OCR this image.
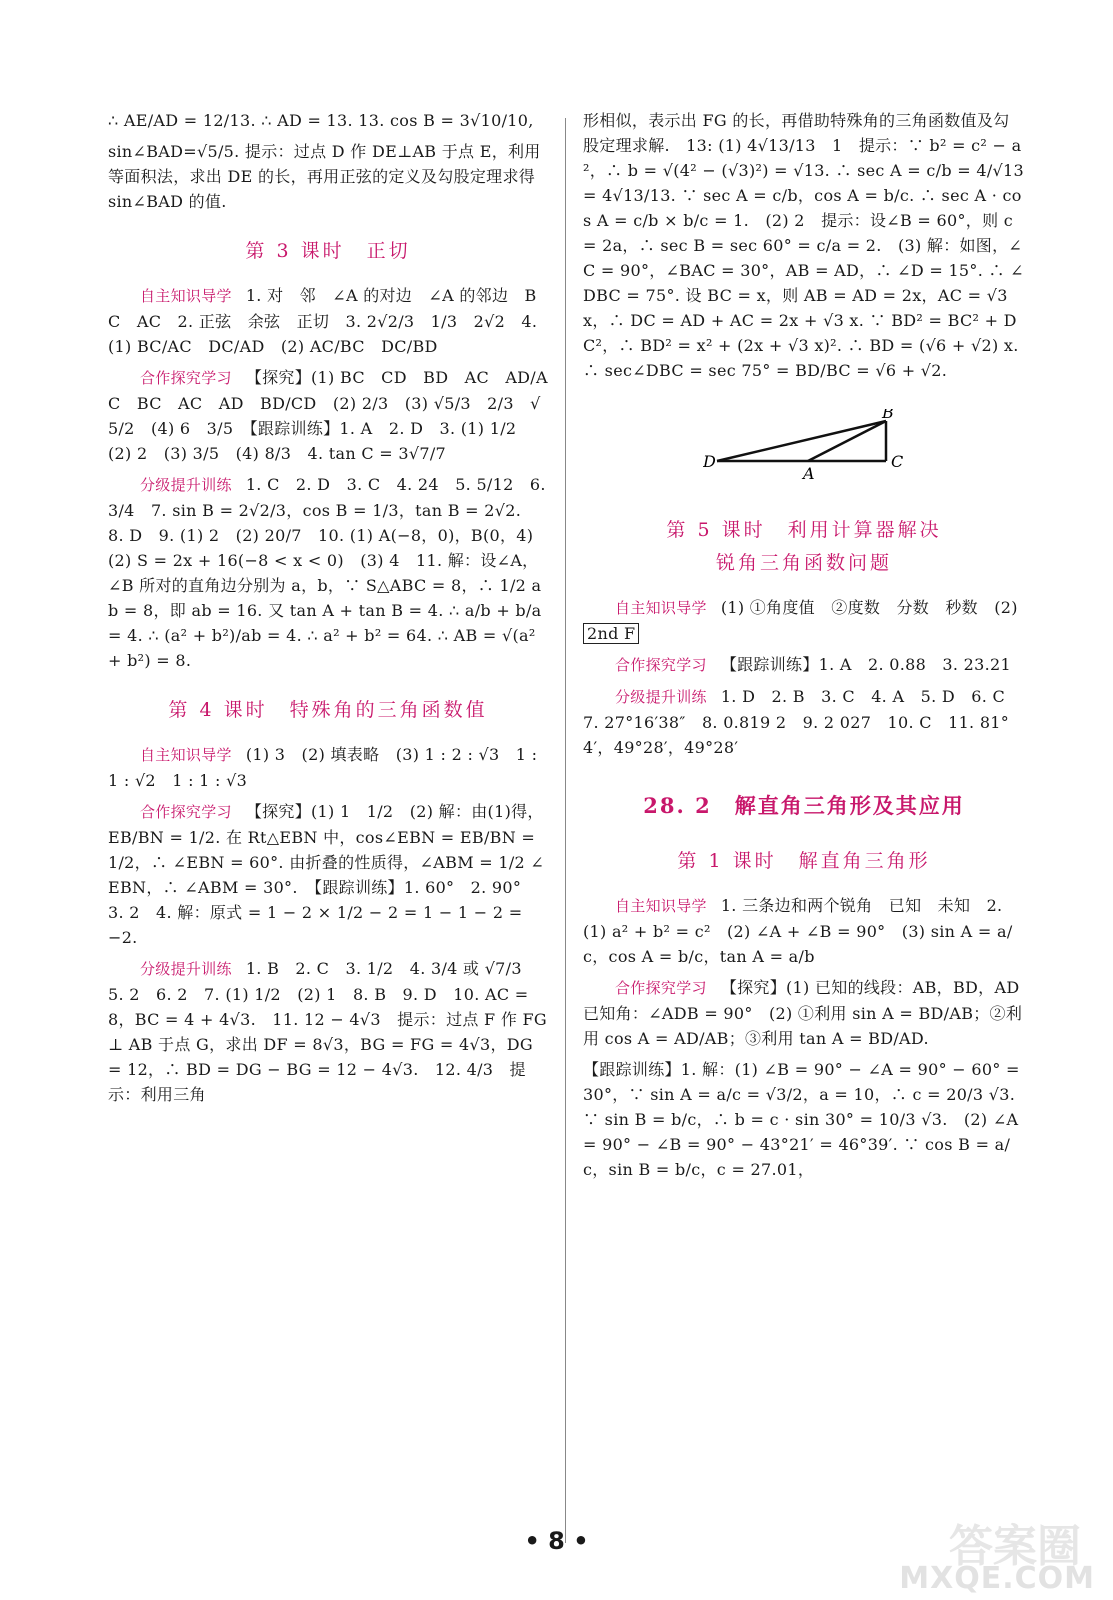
∴ AE/AD = 12/13. ∴ AD = 13. 13. cos B = 3√10/10,

sin∠BAD=√5/5. 提示：过点 D 作 DE⊥AB 于点 E，利用等面积法，求出 DE 的长，再用正弦的定义及勾股定理求得 sin∠BAD 的值.

第 3 课时　正切

自主知识导学 1. 对　邻　∠A 的对边　∠A 的邻边　BC　AC　2. 正弦　余弦　正切　3. 2√2/3　1/3　2√2　4. (1) BC/AC　DC/AD　(2) AC/BC　DC/BD

合作探究学习 【探究】(1) BC　CD　BD　AC　AD/AC　BC　AC　AD　BD/CD　(2) 2/3　(3) √5/3　2/3　√5/2　(4) 6　3/5　【跟踪训练】1. A　2. D　3. (1) 1/2　(2) 2　(3) 3/5　(4) 8/3　4. tan C = 3√7/7

分级提升训练 1. C　2. D　3. C　4. 24　5. 5/12　6. 3/4　7. sin B = 2√2/3，cos B = 1/3，tan B = 2√2.　8. D　9. (1) 2　(2) 20/7　10. (1) A(−8，0)，B(0，4)　(2) S = 2x + 16(−8 < x < 0)　(3) 4　11. 解：设∠A，∠B 所对的直角边分别为 a，b，∵ S△ABC = 8，∴ 1/2 ab = 8，即 ab = 16. 又 tan A + tan B = 4. ∴ a/b + b/a = 4. ∴ (a² + b²)/ab = 4. ∴ a² + b² = 64. ∴ AB = √(a² + b²) = 8.

第 4 课时　特殊角的三角函数值

自主知识导学 (1) 3　(2) 填表略　(3) 1 : 2 : √3　1 : 1 : √2　1 : 1 : √3

合作探究学习 【探究】(1) 1　1/2　(2) 解：由(1)得，EB/BN = 1/2. 在 Rt△EBN 中，cos∠EBN = EB/BN = 1/2，∴ ∠EBN = 60°. 由折叠的性质得，∠ABM = 1/2 ∠EBN，∴ ∠ABM = 30°.　【跟踪训练】1. 60°　2. 90°　3. 2　4. 解：原式 = 1 − 2 × 1/2 − 2 = 1 − 1 − 2 = −2.

分级提升训练 1. B　2. C　3. 1/2　4. 3/4 或 √7/3　5. 2　6. 2　7. (1) 1/2　(2) 1　8. B　9. D　10. AC = 8，BC = 4 + 4√3.　11. 12 − 4√3　提示：过点 F 作 FG ⊥ AB 于点 G，求出 DF = 8√3，BG = FG = 4√3，DG = 12，∴ BD = DG − BG = 12 − 4√3.　12. 4/3　提示：利用三角

形相似，表示出 FG 的长，再借助特殊角的三角函数值及勾股定理求解.　13: (1) 4√13/13　1　提示：∵ b² = c² − a²，∴ b = √(4² − (√3)²) = √13. ∴ sec A = c/b = 4/√13 = 4√13/13. ∵ sec A = c/b，cos A = b/c. ∴ sec A · cos A = c/b × b/c = 1.　(2) 2　提示：设∠B = 60°，则 c = 2a，∴ sec B = sec 60° = c/a = 2.　(3) 解：如图，∠C = 90°，∠BAC = 30°，AB = AD，∴ ∠D = 15°. ∴ ∠DBC = 75°. 设 BC = x，则 AB = AD = 2x，AC = √3 x，∴ DC = AD + AC = 2x + √3 x. ∵ BD² = BC² + DC²，∴ BD² = x² + (2x + √3 x)². ∴ BD = (√6 + √2) x. ∴ sec∠DBC = sec 75° = BD/BC = √6 + √2.

B
C
D
A
第 5 课时　利用计算器解决
锐角三角函数问题

自主知识导学 (1) ①角度值　②度数　分数　秒数　(2) 2nd F

合作探究学习 【跟踪训练】1. A　2. 0.88　3. 23.21

分级提升训练 1. D　2. B　3. C　4. A　5. D　6. C　7. 27°16′38″　8. 0.819 2　9. 2 027　10. C　11. 81°4′，49°28′，49°28′

28. 2　解直角三角形及其应用
第 1 课时　解直角三角形

自主知识导学 1. 三条边和两个锐角　已知　未知　2. (1) a² + b² = c²　(2) ∠A + ∠B = 90°　(3) sin A = a/c，cos A = b/c，tan A = a/b

合作探究学习 【探究】(1) 已知的线段：AB，BD，AD　已知角：∠ADB = 90°　(2) ①利用 sin A = BD/AB；②利用 cos A = AD/AB；③利用 tan A = BD/AD.

【跟踪训练】1. 解：(1) ∠B = 90° − ∠A = 90° − 60° = 30°，∵ sin A = a/c = √3/2，a = 10，∴ c = 20/3 √3. ∵ sin B = b/c，∴ b = c · sin 30° = 10/3 √3.　(2) ∠A = 90° − ∠B = 90° − 43°21′ = 46°39′. ∵ cos B = a/c，sin B = b/c，c = 27.01，

• 8 •	答案圈
MXQE.COM
